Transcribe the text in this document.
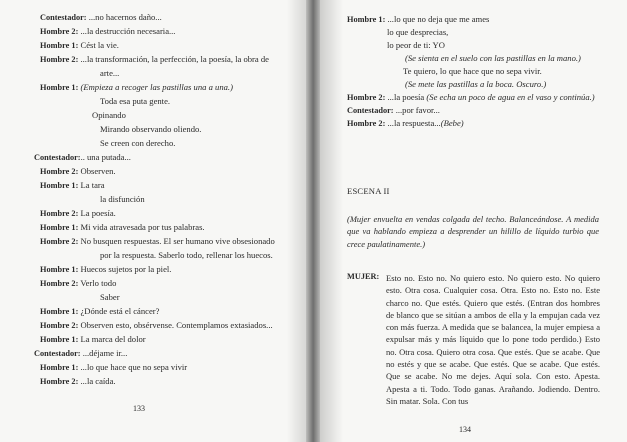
Contestador: ...no hacernos daño...
Hombre 2: ...la destrucción necesaria...
Hombre 1: Cést la vie.
Hombre 2: ...la transformación, la perfección, la poesía, la obra de
arte...
Hombre 1: (Empieza a recoger las pastillas una a una.)
Toda esa puta gente.
Opinando
Mirando observando oliendo.
Se creen con derecho.
Contestador:.. una putada...
Hombre 2: Observen.
Hombre 1: La tara
la disfunción
Hombre 2: La poesía.
Hombre 1: Mi vida atravesada por tus palabras.
Hombre 2: No busquen respuestas. El ser humano vive obsesionado
por la respuesta. Saberlo todo, rellenar los huecos.
Hombre 1: Huecos sujetos por la piel.
Hombre 2: Verlo todo
Saber
Hombre 1: ¿Dónde está el cáncer?
Hombre 2: Observen esto, obsérvense. Contemplamos extasiados...
Hombre 1: La marca del dolor
Contestador: ...déjame ir...
Hombre 1: ...lo que hace que no sepa vivir
Hombre 2: ...la caída.
133
Hombre 1: ...lo que no deja que me ames
lo que desprecias,
lo peor de ti: YO
(Se sienta en el suelo con las pastillas en la mano.)
Te quiero, lo que hace que no sepa vivir.
(Se mete las pastillas a la boca. Oscuro.)
Hombre 2: ...la poesía (Se echa un poco de agua en el vaso y continúa.)
Contestador: ...por favor...
Hombre 2: ...la respuesta...(Bebe)
ESCENA II
(Mujer envuelta en vendas colgada del techo. Balanceándose. A medida que va hablando empieza a desprender un hilillo de líquido turbio que crece paulatinamente.)
MUJER: Esto no. Esto no. No quiero esto. No quiero esto. No quiero esto. Otra cosa. Cualquier cosa. Otra. Esto no. Esto no. Este charco no. Que estés. Quiero que estés. (Entran dos hombres de blanco que se sitúan a ambos de ella y la empujan cada vez con más fuerza. A medida que se balancea, la mujer empiesa a expulsar más y más líquido que lo pone todo perdido.) Esto no. Otra cosa. Quiero otra cosa. Que estés. Que se acabe. Que no estés y que se acabe. Que estés. Que se acabe. Que estés. Que se acabe. No me dejes. Aquí sola. Con esto. Apesta. Apesta a ti. Todo. Todo ganas. Arañando. Jodiendo. Dentro. Sin matar. Sola. Con tus
134
